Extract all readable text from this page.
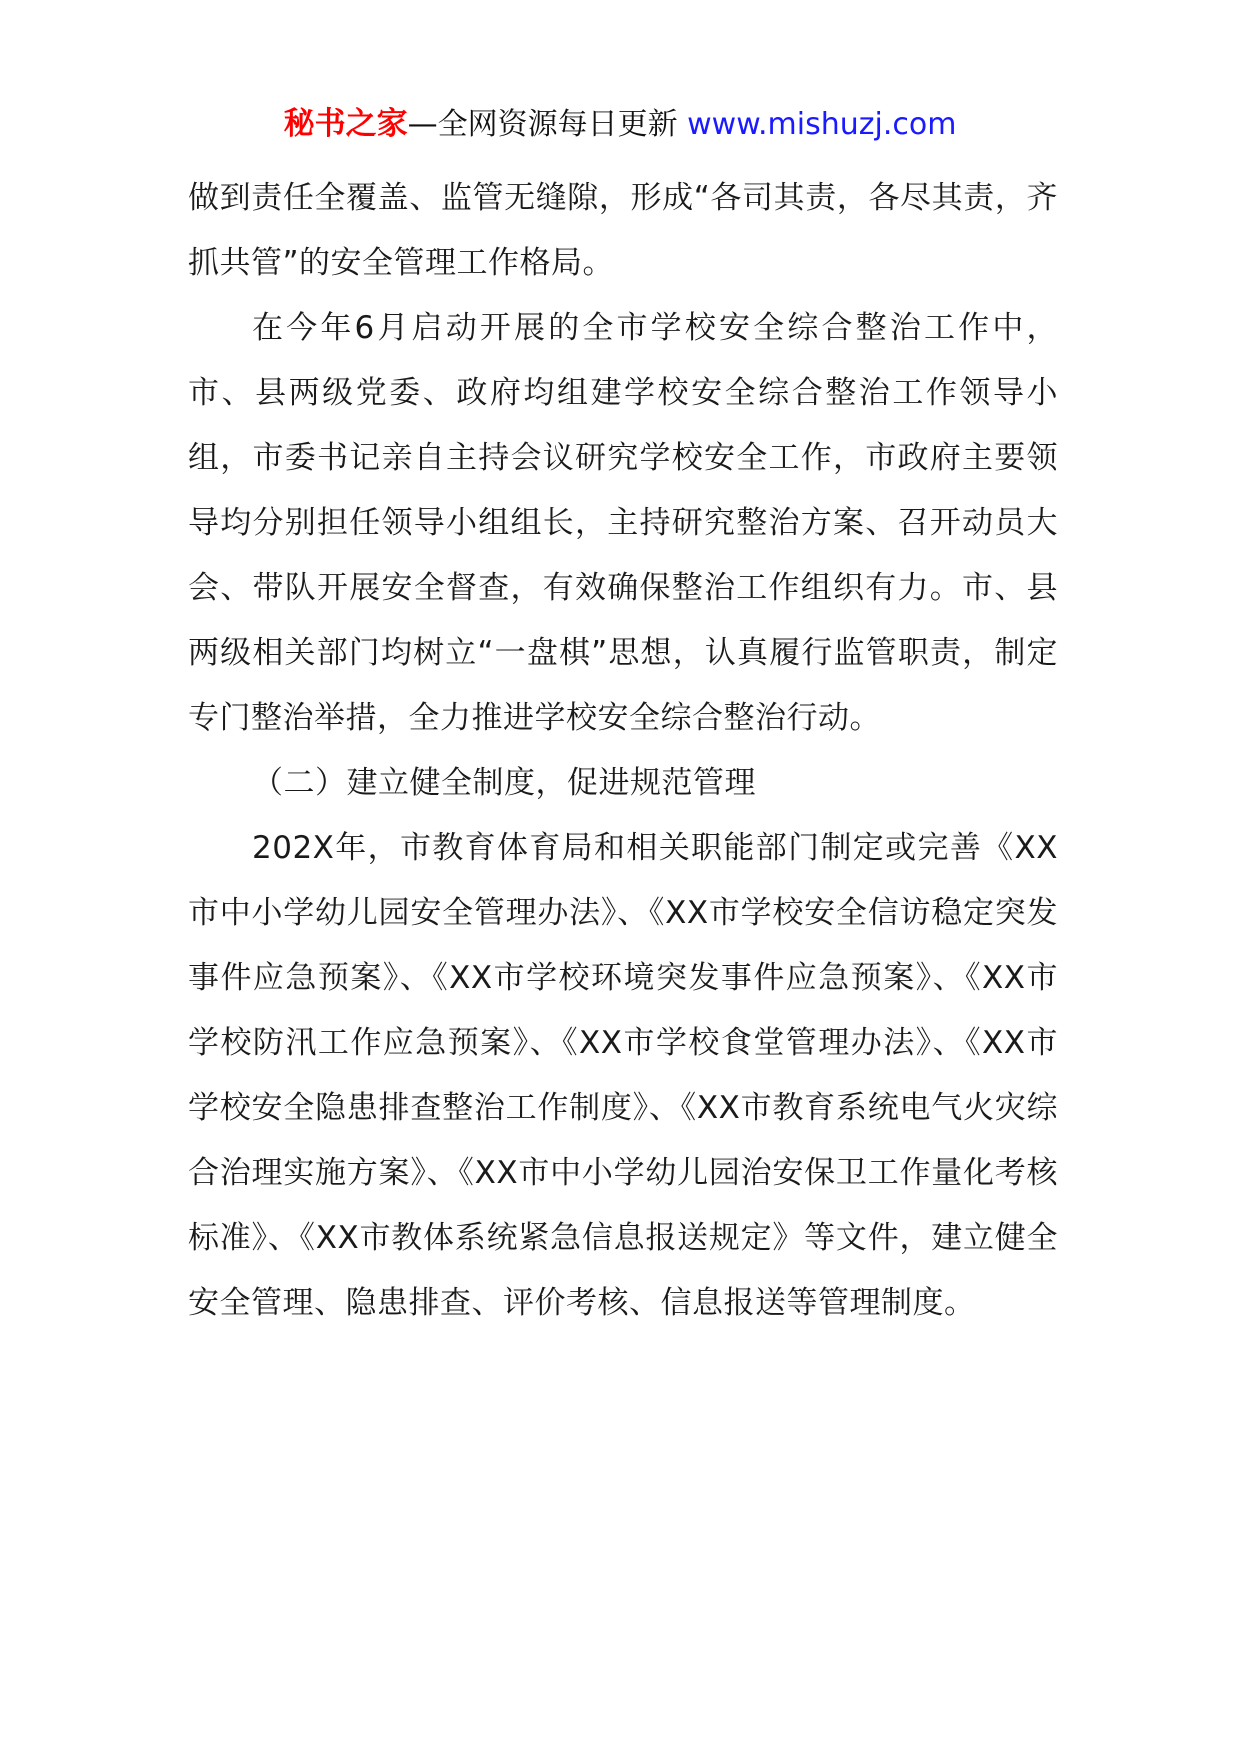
秘书之家—全网资源每日更新 www.mishuzj.com

做到责任全覆盖、监管无缝隙，形成“各司其责，各尽其责，齐抓共管”的安全管理工作格局。

在今年6月启动开展的全市学校安全综合整治工作中，市、县两级党委、政府均组建学校安全综合整治工作领导小组，市委书记亲自主持会议研究学校安全工作，市政府主要领导均分别担任领导小组组长，主持研究整治方案、召开动员大会、带队开展安全督查，有效确保整治工作组织有力。市、县两级相关部门均树立“一盘棋”思想，认真履行监管职责，制定专门整治举措，全力推进学校安全综合整治行动。

（二）建立健全制度，促进规范管理

202X年，市教育体育局和相关职能部门制定或完善《XX市中小学幼儿园安全管理办法》、《XX市学校安全信访稳定突发事件应急预案》、《XX市学校环境突发事件应急预案》、《XX市学校防汛工作应急预案》、《XX市学校食堂管理办法》、《XX市学校安全隐患排查整治工作制度》、《XX市教育系统电气火灾综合治理实施方案》、《XX市中小学幼儿园治安保卫工作量化考核标准》、《XX市教体系统紧急信息报送规定》等文件，建立健全安全管理、隐患排查、评价考核、信息报送等管理制度。
